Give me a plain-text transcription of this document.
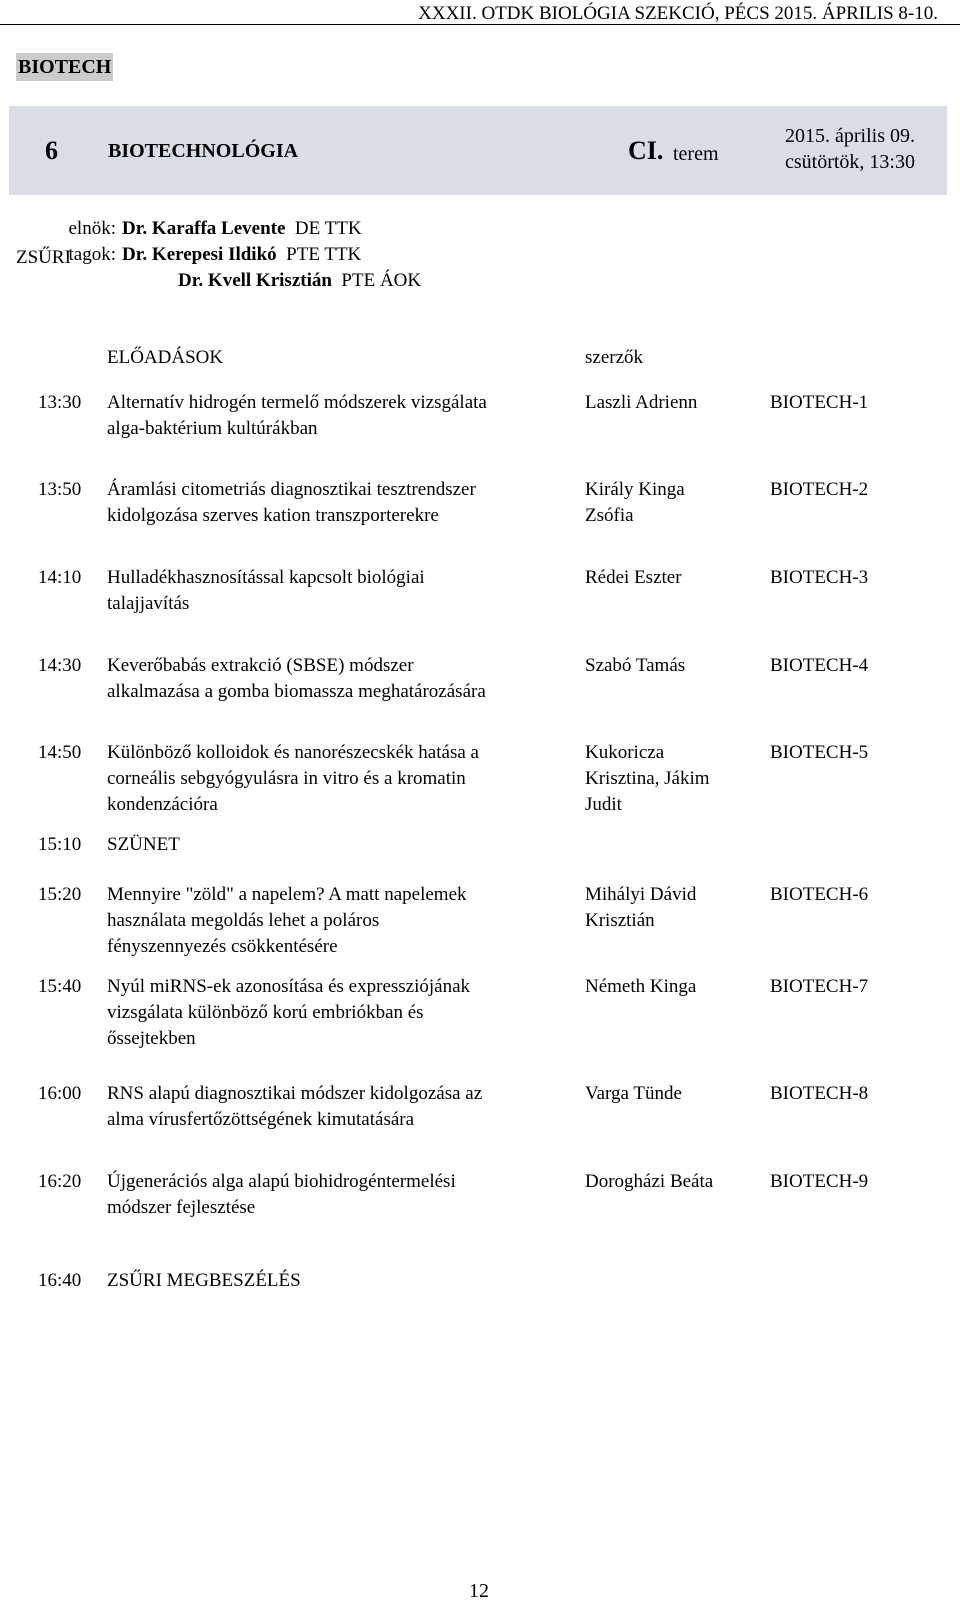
XXXII. OTDK BIOLÓGIA SZEKCIÓ, PÉCS 2015. ÁPRILIS 8-10.
BIOTECH
6	BIOTECHNOLÓGIA	CI. terem
2015. április 09.
csütörtök, 13:30
ZSŰRI
elnök: Dr. Karaffa Levente DE TTK
tagok: Dr. Kerepesi Ildikó PTE TTK
Dr. Kvell Krisztián PTE ÁOK
ELŐADÁSOK	szerzők
13:30 Alternatív hidrogén termelő módszerek vizsgálata
alga-baktérium kultúrákban
Laszli Adrienn	BIOTECH-1
13:50 Áramlási citometriás diagnosztikai tesztrendszer
kidolgozása szerves kation transzporterekre
Király Kinga
Zsófia
BIOTECH-2
14:10 Hulladékhasznosítással kapcsolt biológiai
talajjavítás
Rédei Eszter	BIOTECH-3
14:30 Keverőbabás extrakció (SBSE) módszer
alkalmazása a gomba biomassza meghatározására
Szabó Tamás	BIOTECH-4
14:50 Különböző kolloidok és nanorészecskék hatása a
corneális sebgyógyulásra in vitro és a kromatin
kondenzációra
Kukoricza
Krisztina, Jákim
Judit
BIOTECH-5
15:10 SZÜNET
15:20 Mennyire "zöld" a napelem? A matt napelemek
használata megoldás lehet a poláros
fényszennyezés csökkentésére
Mihályi Dávid
Krisztián
BIOTECH-6
15:40 Nyúl miRNS-ek azonosítása és expressziójának
vizsgálata különböző korú embriókban és
őssejtekben
Németh Kinga	BIOTECH-7
16:00 RNS alapú diagnosztikai módszer kidolgozása az
alma vírusfertőzöttségének kimutatására
Varga Tünde	BIOTECH-8
16:20 Újgenerációs alga alapú biohidrogéntermelési
módszer fejlesztése
Dorogházi Beáta	BIOTECH-9
16:40 ZSŰRI MEGBESZÉLÉS
12
